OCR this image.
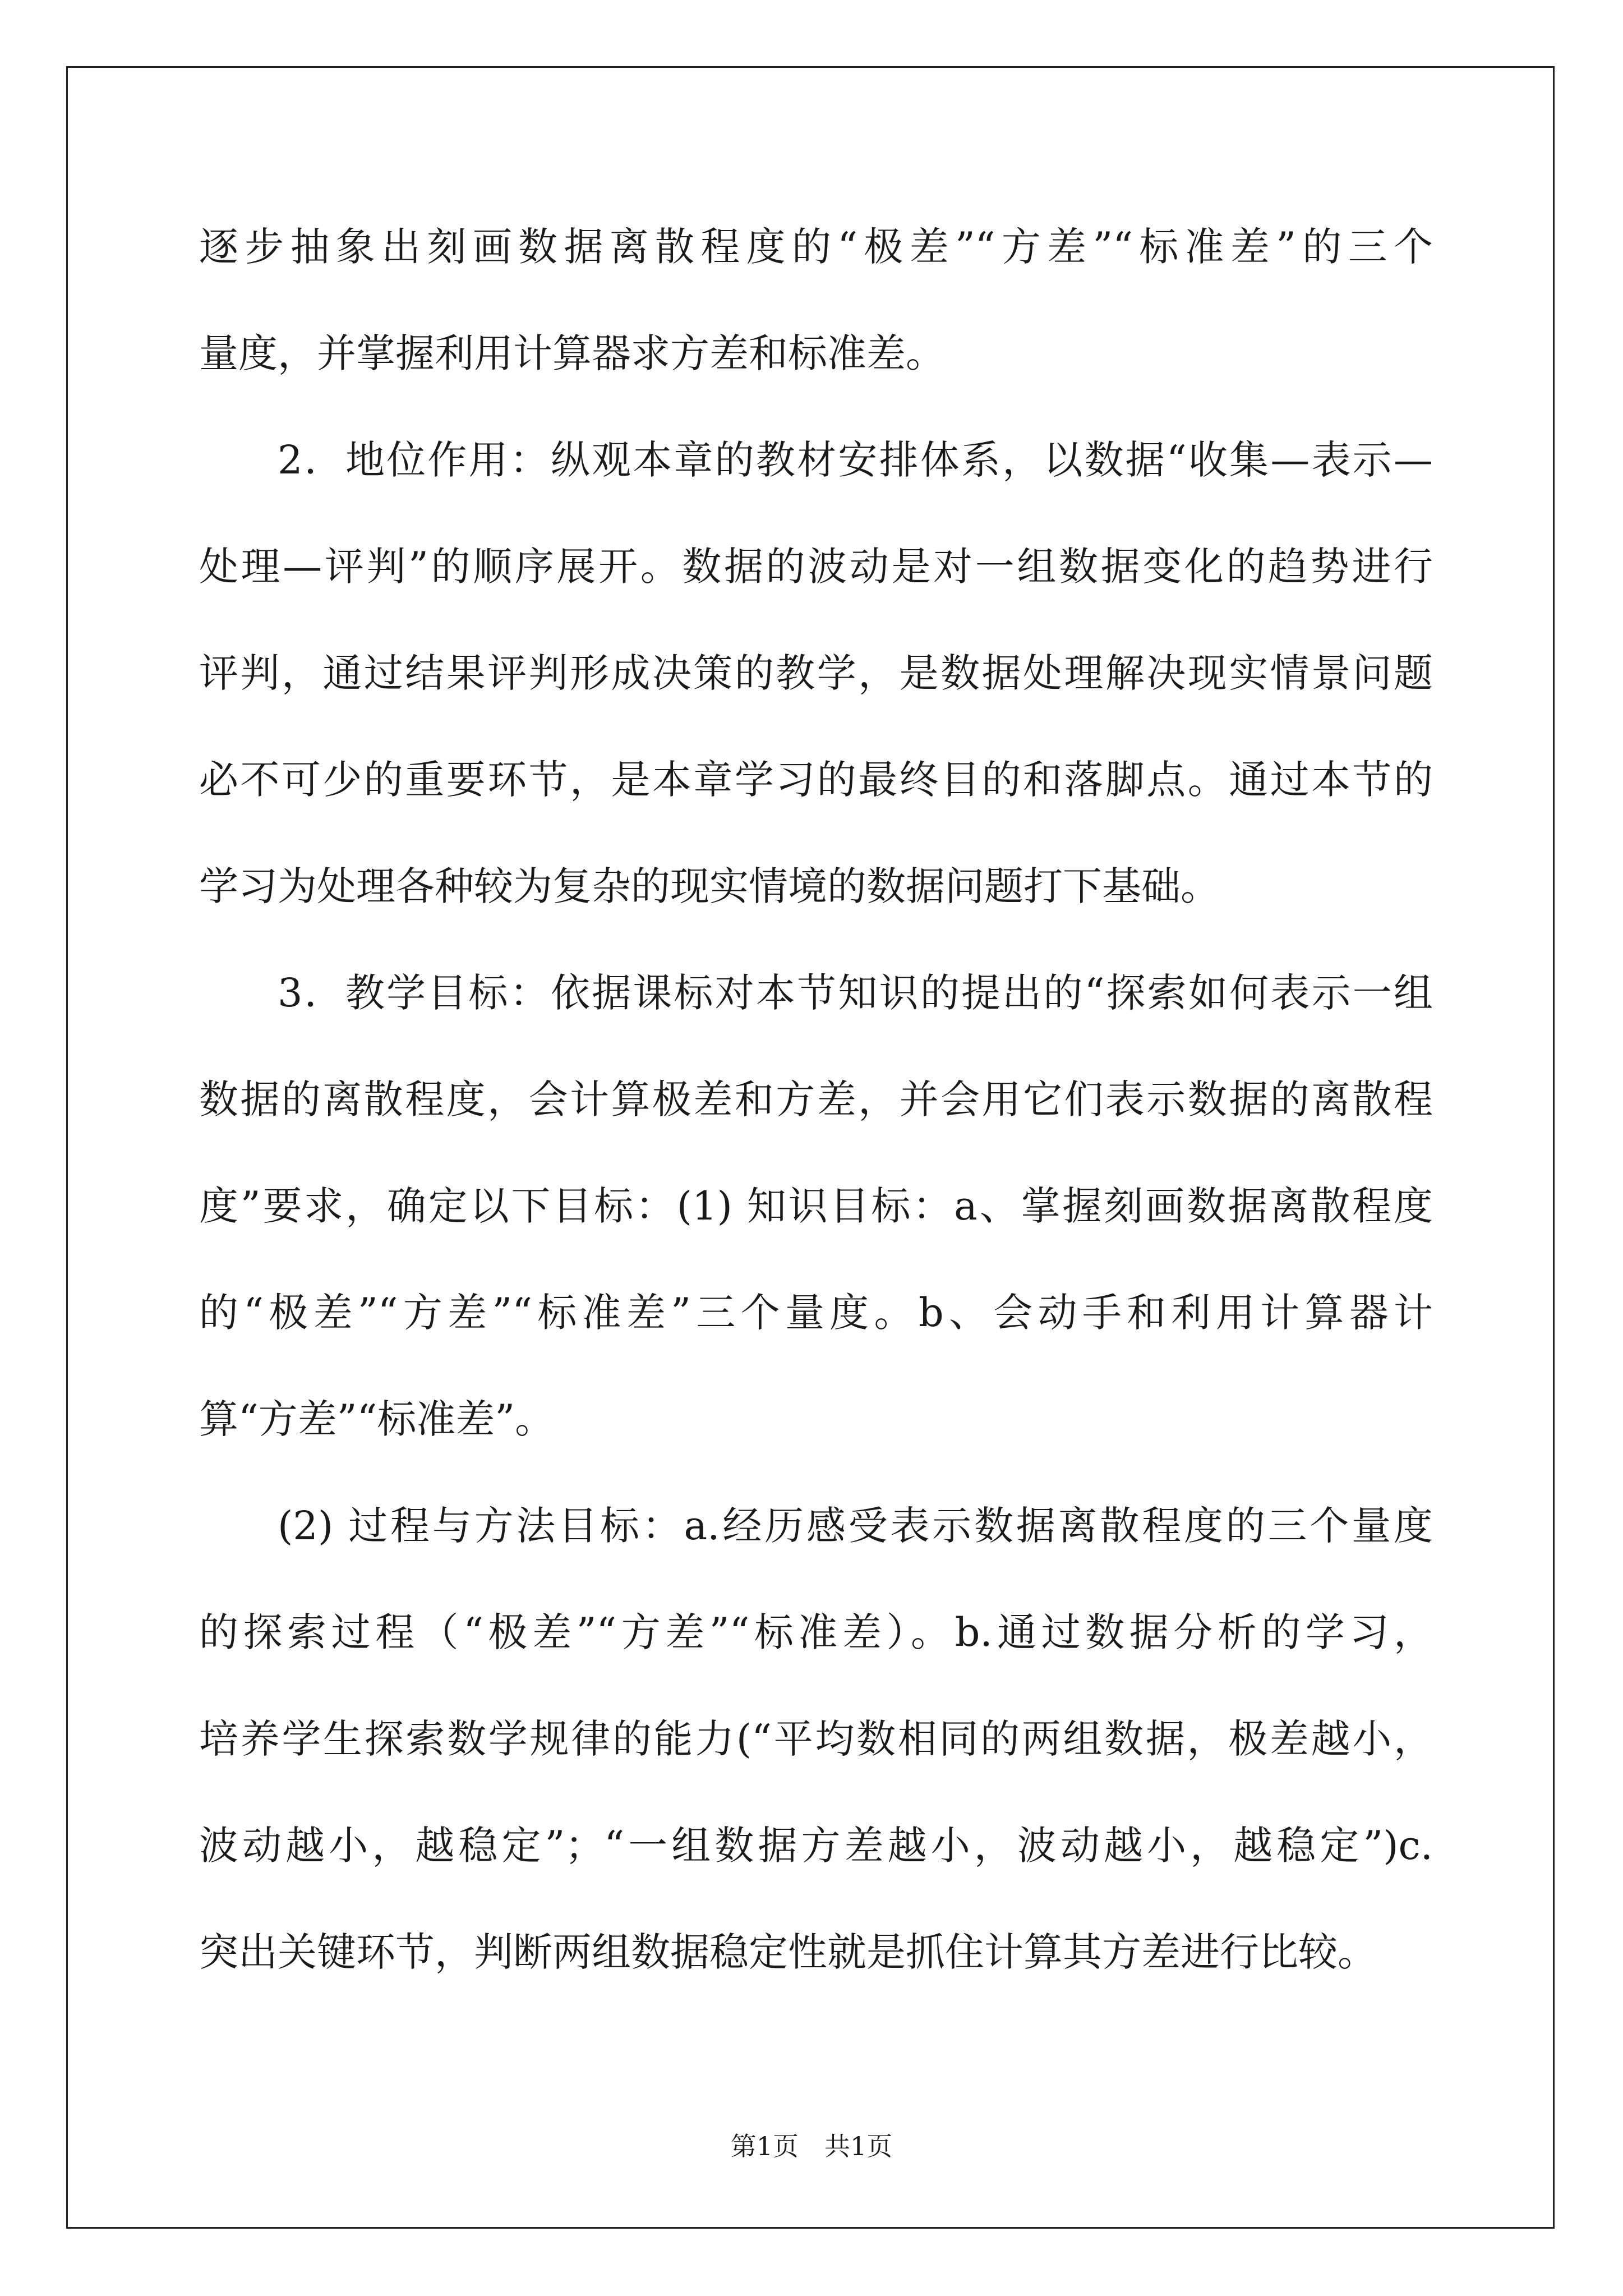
逐步抽象出刻画数据离散程度的“极差”“方差”“标准差”的三个
量度，并掌握利用计算器求方差和标准差。
2．地位作用：纵观本章的教材安排体系，以数据“收集—表示—
处理—评判”的顺序展开。数据的波动是对一组数据变化的趋势进行
评判，通过结果评判形成决策的教学，是数据处理解决现实情景问题
必不可少的重要环节，是本章学习的最终目的和落脚点。通过本节的
学习为处理各种较为复杂的现实情境的数据问题打下基础。
3．教学目标：依据课标对本节知识的提出的“探索如何表示一组
数据的离散程度，会计算极差和方差，并会用它们表示数据的离散程
度”要求，确定以下目标：(1) 知识目标：a、掌握刻画数据离散程度
的“极差”“方差”“标准差”三个量度。b、会动手和利用计算器计
算“方差”“标准差”。
(2) 过程与方法目标：a.经历感受表示数据离散程度的三个量度
的探索过程（“极差”“方差”“标准差）。b.通过数据分析的学习，
培养学生探索数学规律的能力(“平均数相同的两组数据，极差越小，
波动越小，越稳定”；“一组数据方差越小，波动越小，越稳定”)c.
突出关键环节，判断两组数据稳定性就是抓住计算其方差进行比较。
第1页　共1页
